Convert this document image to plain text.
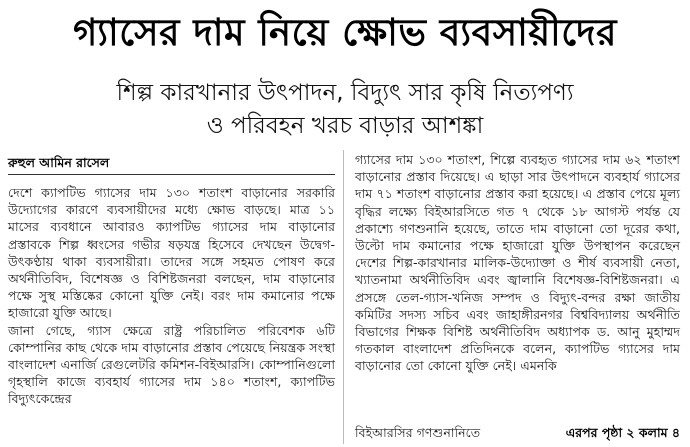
গ্যাসের দাম নিয়ে ক্ষোভ ব্যবসায়ীদের
শিল্প কারখানার উৎপাদন, বিদ্যুৎ সার কৃষি নিত্যপণ্য
ও পরিবহন খরচ বাড়ার আশঙ্কা
রুহুল আমিন রাসেল

দেশে ক্যাপটিভ গ্যাসের দাম ১৩০ শতাংশ বাড়ানোর সরকারি উদ্যোগের কারণে ব্যবসায়ীদের মধ্যে ক্ষোভ বাড়ছে। মাত্র ১১ মাসের ব্যবধানে আবারও ক্যাপটিভ গ্যাসের দাম বাড়ানোর প্রস্তাবকে শিল্প ধ্বংসের গভীর ষড়যন্ত্র হিসেবে দেখছেন উদ্বেগ-উৎকণ্ঠায় থাকা ব্যবসায়ীরা। তাদের সঙ্গে সহমত পোষণ করে অর্থনীতিবিদ, বিশেষজ্ঞ ও বিশিষ্টজনরা বলছেন, দাম বাড়ানোর পক্ষে সুস্থ মস্তিষ্কের কোনো যুক্তি নেই। বরং দাম কমানোর পক্ষে হাজারো যুক্তি আছে।

জানা গেছে, গ্যাস ক্ষেত্রে রাষ্ট্র পরিচালিত পরিবেশক ৬টি কোম্পানির কাছ থেকে দাম বাড়ানোর প্রস্তাব পেয়েছে নিয়ন্ত্রক সংস্থা বাংলাদেশ এনার্জি রেগুলেটরি কমিশন-বিইআরসি। কোম্পানিগুলো গৃহস্থালি কাজে ব্যবহার্য গ্যাসের দাম ১৪০ শতাংশ, ক্যাপটিভ বিদ্যুৎকেন্দ্রের

গ্যাসের দাম ১৩০ শতাংশ, শিল্পে ব্যবহৃত গ্যাসের দাম ৬২ শতাংশ বাড়ানোর প্রস্তাব দিয়েছে। এ ছাড়া সার উৎপাদনে ব্যবহার্য গ্যাসের দাম ৭১ শতাংশ বাড়ানোর প্রস্তাব করা হয়েছে। এ প্রস্তাব পেয়ে মূল্য বৃদ্ধির লক্ষ্যে বিইআরসিতে গত ৭ থেকে ১৮ আগস্ট পর্যন্ত যে প্রকাশ্যে গণশুনানি হয়েছে, তাতে দাম বাড়ানো তো দূরের কথা, উল্টো দাম কমানোর পক্ষে হাজারো যুক্তি উপস্থাপন করেছেন দেশের শিল্প-কারখানার মালিক-উদ্যোক্তা ও শীর্ষ ব্যবসায়ী নেতা, খ্যাতনামা অর্থনীতিবিদ এবং জ্বালানি বিশেষজ্ঞ-বিশিষ্টজনরা। এ প্রসঙ্গে তেল-গ্যাস-খনিজ সম্পদ ও বিদ্যুৎ-বন্দর রক্ষা জাতীয় কমিটির সদস্য সচিব এবং জাহাঙ্গীরনগর বিশ্ববিদ্যালয় অর্থনীতি বিভাগের শিক্ষক বিশিষ্ট অর্থনীতিবিদ অধ্যাপক ড. আনু মুহাম্মদ গতকাল বাংলাদেশ প্রতিদিনকে বলেন, ক্যাপটিভ গ্যাসের দাম বাড়ানোর তো কোনো যুক্তি নেই। এমনকি

বিইআরসির গণশুনানিতে	এরপর পৃষ্ঠা ২ কলাম ৪
